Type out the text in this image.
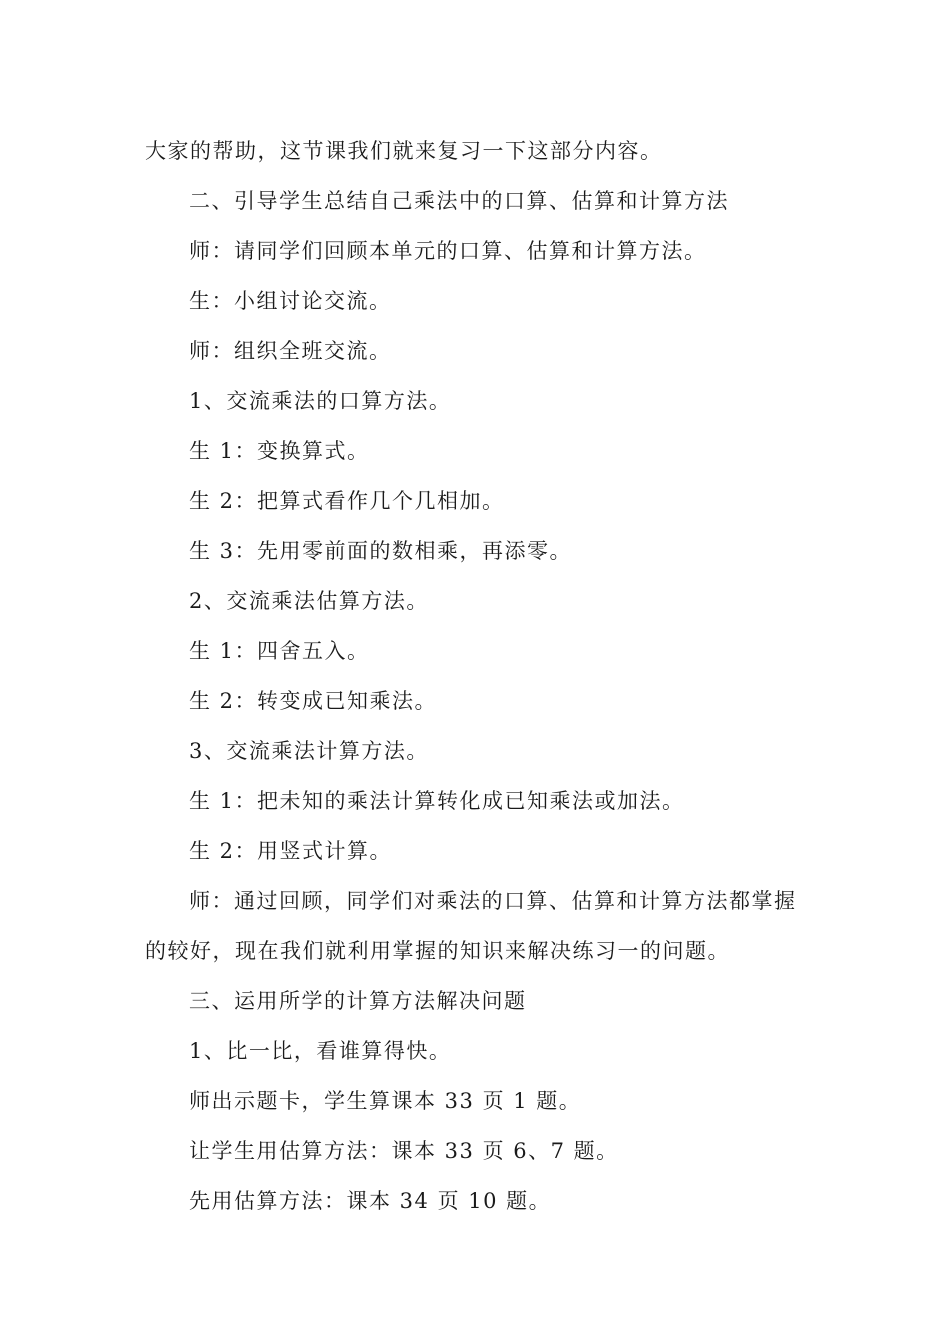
大家的帮助，这节课我们就来复习一下这部分内容。
二、引导学生总结自己乘法中的口算、估算和计算方法
师：请同学们回顾本单元的口算、估算和计算方法。
生：小组讨论交流。
师：组织全班交流。
1、交流乘法的口算方法。
生 1：变换算式。
生 2：把算式看作几个几相加。
生 3：先用零前面的数相乘，再添零。
2、交流乘法估算方法。
生 1：四舍五入。
生 2：转变成已知乘法。
3、交流乘法计算方法。
生 1：把未知的乘法计算转化成已知乘法或加法。
生 2：用竖式计算。
师：通过回顾，同学们对乘法的口算、估算和计算方法都掌握
的较好，现在我们就利用掌握的知识来解决练习一的问题。
三、运用所学的计算方法解决问题
1、比一比，看谁算得快。
师出示题卡，学生算课本 33 页 1 题。
让学生用估算方法：课本 33 页 6、7 题。
先用估算方法：课本 34 页 10 题。
